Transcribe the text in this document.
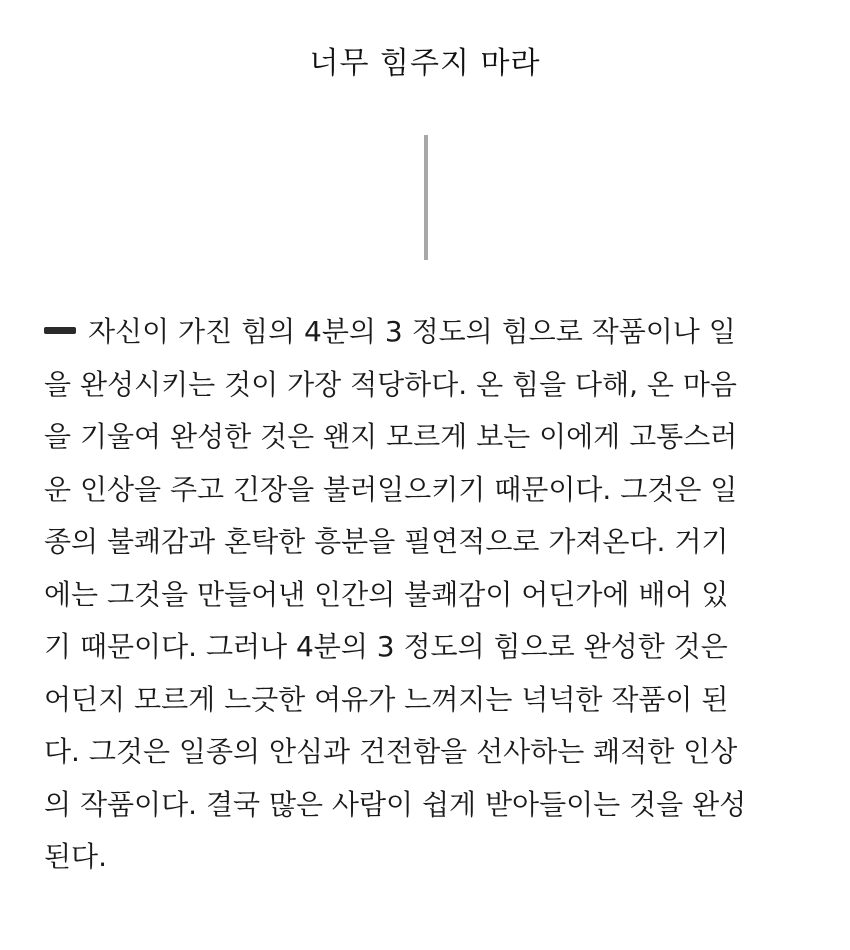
너무 힘주지 마라
자신이 가진 힘의 4분의 3 정도의 힘으로 작품이나 일
을 완성시키는 것이 가장 적당하다. 온 힘을 다해, 온 마음
을 기울여 완성한 것은 왠지 모르게 보는 이에게 고통스러
운 인상을 주고 긴장을 불러일으키기 때문이다. 그것은 일
종의 불쾌감과 혼탁한 흥분을 필연적으로 가져온다. 거기
에는 그것을 만들어낸 인간의 불쾌감이 어딘가에 배어 있
기 때문이다. 그러나 4분의 3 정도의 힘으로 완성한 것은
어딘지 모르게 느긋한 여유가 느껴지는 넉넉한 작품이 된
다. 그것은 일종의 안심과 건전함을 선사하는 쾌적한 인상
의 작품이다. 결국 많은 사람이 쉽게 받아들이는 것을 완성
된다.
